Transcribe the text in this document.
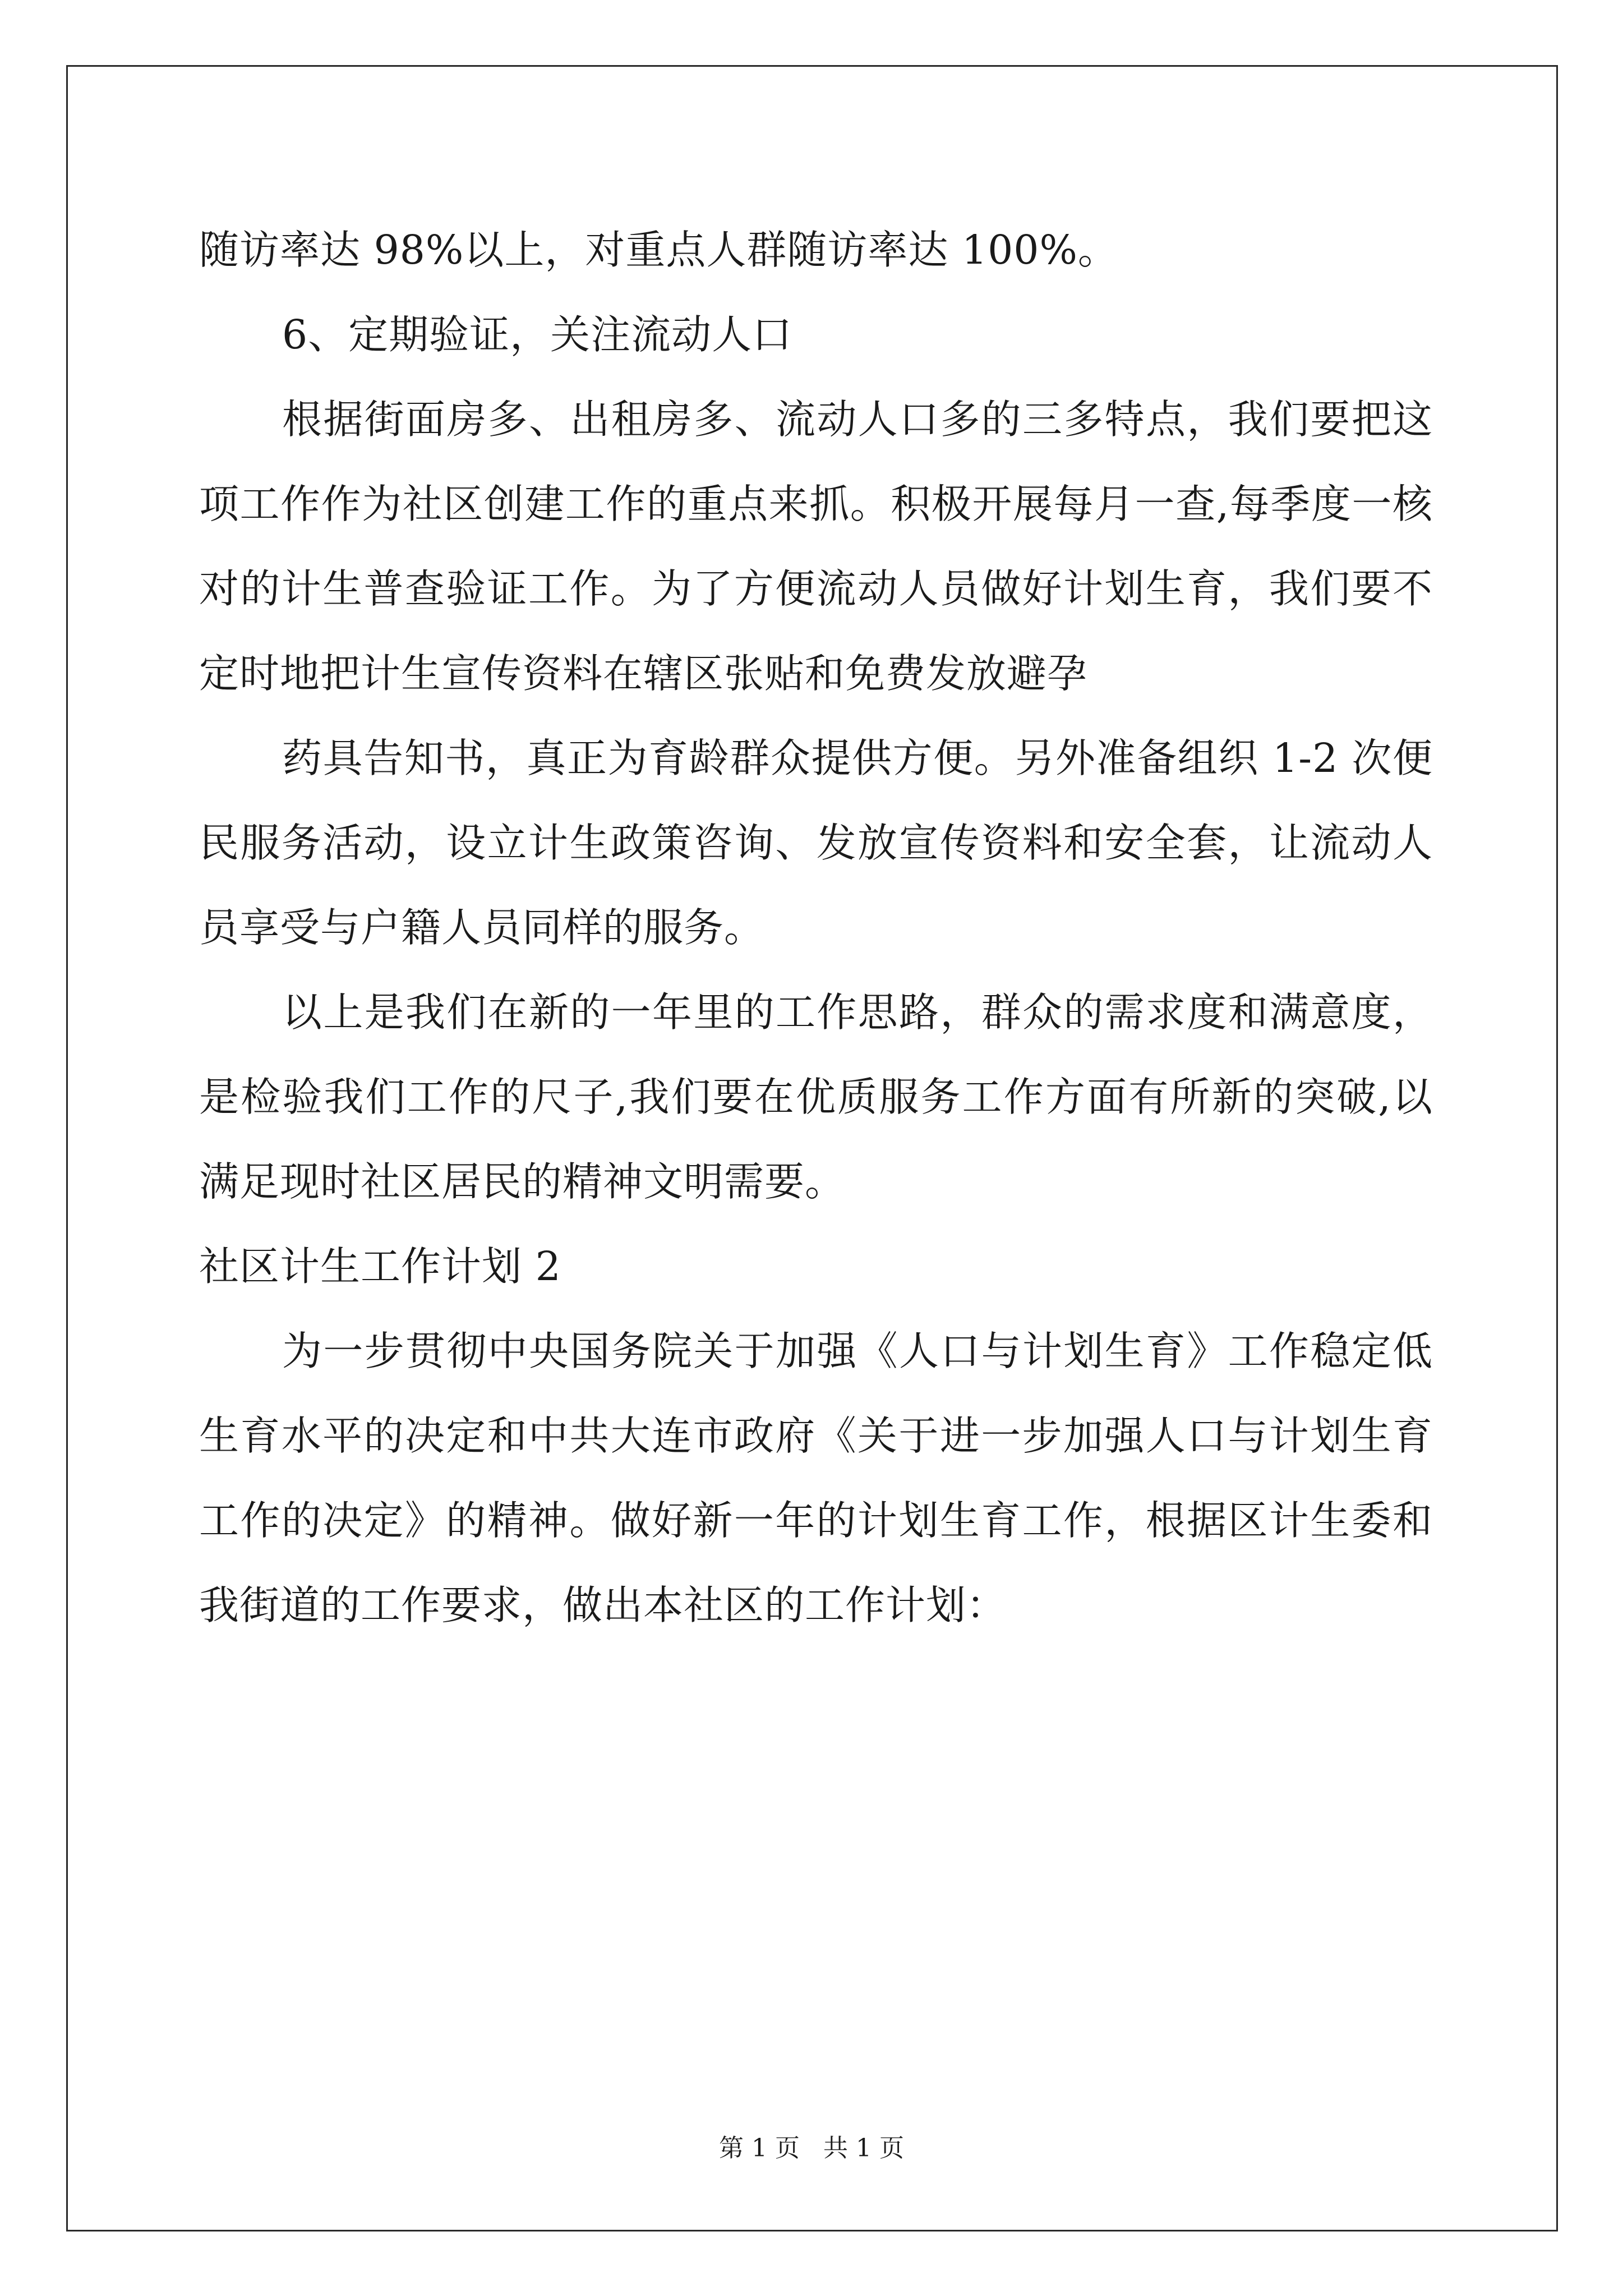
随访率达 98%以上，对重点人群随访率达 100%。
6、定期验证，关注流动人口
根据街面房多、出租房多、流动人口多的三多特点，我们要把这
项工作作为社区创建工作的重点来抓。积极开展每月一查,每季度一核
对的计生普查验证工作。为了方便流动人员做好计划生育，我们要不
定时地把计生宣传资料在辖区张贴和免费发放避孕
药具告知书，真正为育龄群众提供方便。另外准备组织 1-2 次便
民服务活动，设立计生政策咨询、发放宣传资料和安全套，让流动人
员享受与户籍人员同样的服务。
以上是我们在新的一年里的工作思路，群众的需求度和满意度，
是检验我们工作的尺子,我们要在优质服务工作方面有所新的突破,以
满足现时社区居民的精神文明需要。
社区计生工作计划 2
为一步贯彻中央国务院关于加强《人口与计划生育》工作稳定低
生育水平的决定和中共大连市政府《关于进一步加强人口与计划生育
工作的决定》的精神。做好新一年的计划生育工作，根据区计生委和
我街道的工作要求，做出本社区的工作计划：
第 1 页   共 1 页
